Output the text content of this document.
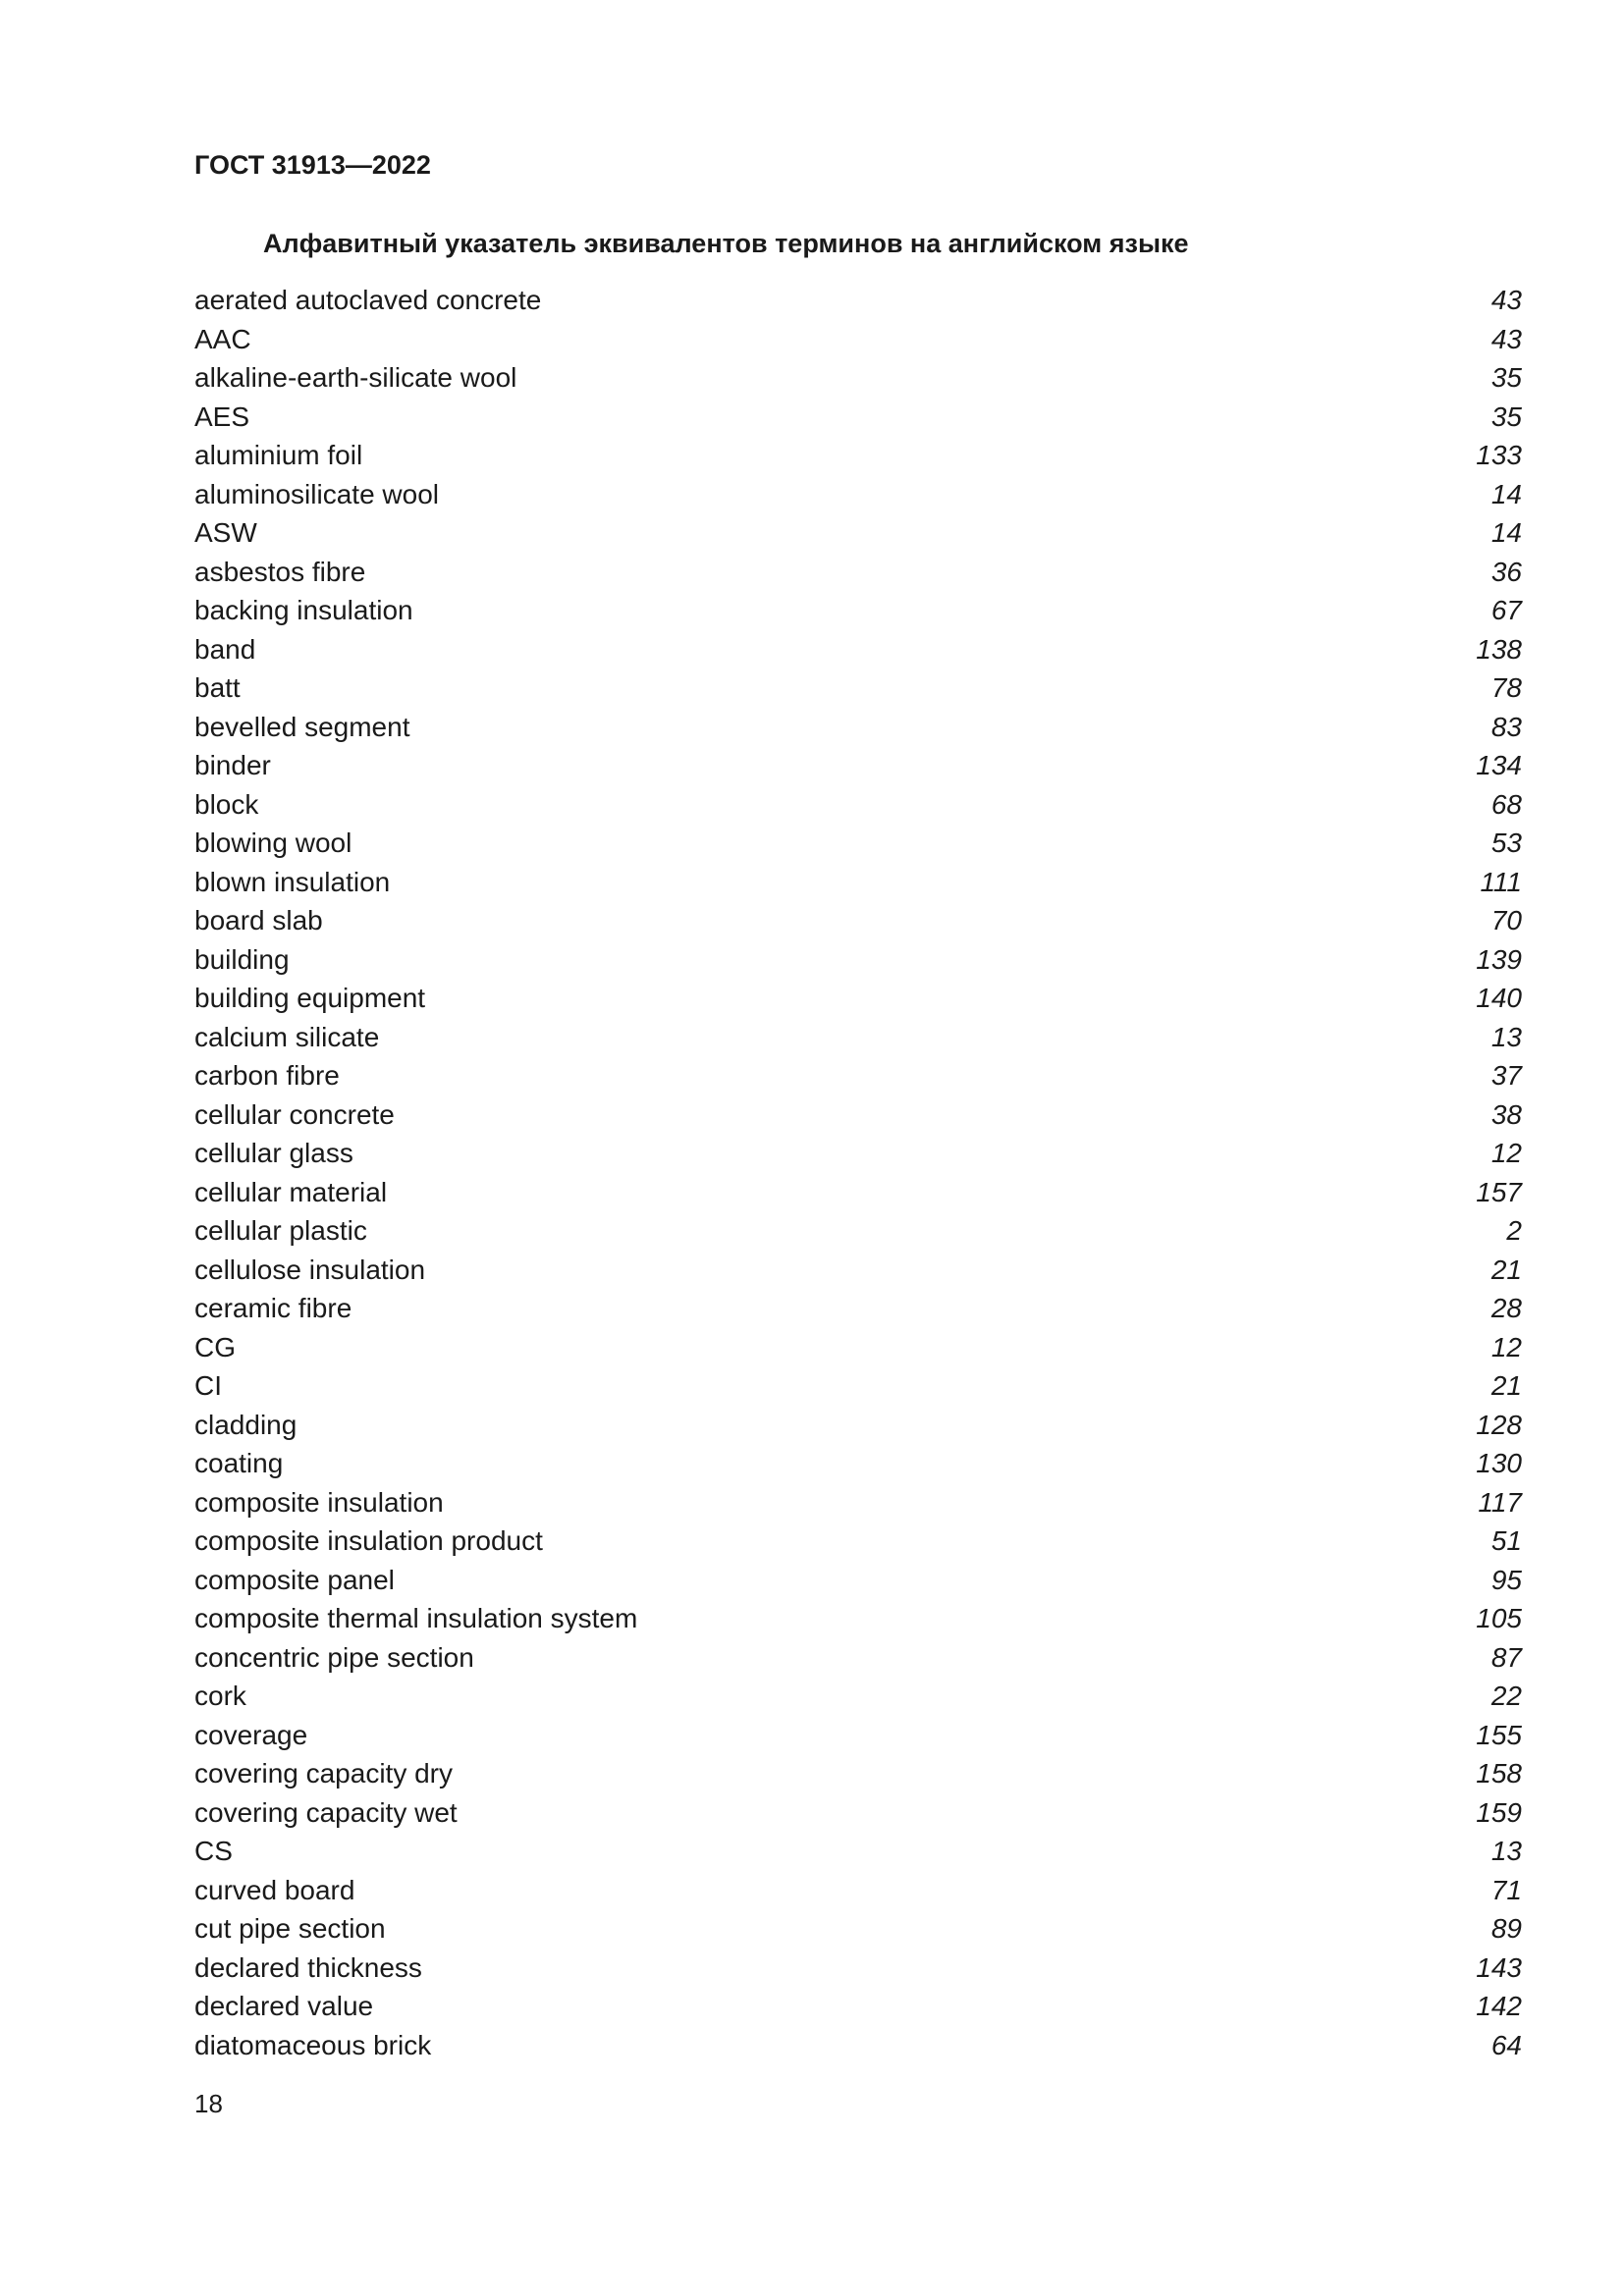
ГОСТ 31913—2022

Алфавитный указатель эквивалентов терминов на английском языке
aerated autoclaved concrete	43
AAC	43
alkaline-earth-silicate wool	35
AES	35
aluminium foil	133
aluminosilicate wool	14
ASW	14
asbestos fibre	36
backing insulation	67
band	138
batt	78
bevelled segment	83
binder	134
block	68
blowing wool	53
blown insulation	111
board slab	70
building	139
building equipment	140
calcium silicate	13
carbon fibre	37
cellular concrete	38
cellular glass	12
cellular material	157
cellular plastic	2
cellulose insulation	21
ceramic fibre	28
CG	12
CI	21
cladding	128
coating	130
composite insulation	117
composite insulation product	51
composite panel	95
composite thermal insulation system	105
concentric pipe section	87
cork	22
coverage	155
covering capacity dry	158
covering capacity wet	159
CS	13
curved board	71
cut pipe section	89
declared thickness	143
declared value	142
diatomaceous brick	64

18
